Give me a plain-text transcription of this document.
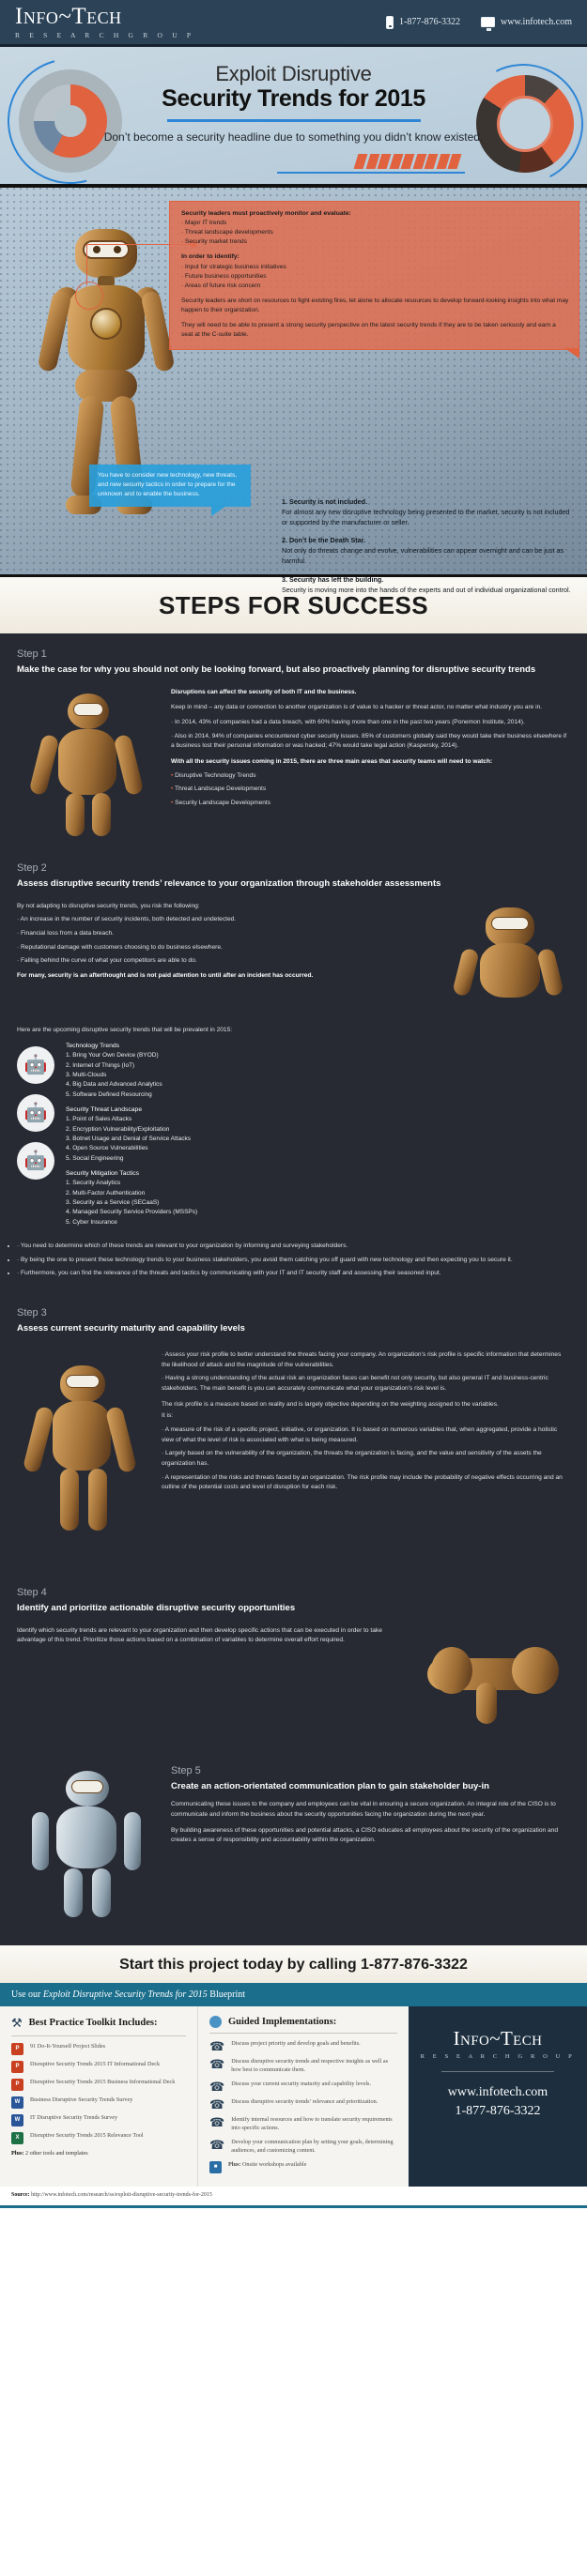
Info~Tech
R E S E A R C H G R O U P
1-877-876-3322	www.infotech.com
Exploit Disruptive
Security Trends for 2015
Don’t become a security headline due to something you didn’t know existed.
Security leaders must proactively monitor and evaluate:
· Major IT trends
· Threat landscape developments
· Security market trends
In order to identify:
· Input for strategic business initiatives
· Future business opportunities
· Areas of future risk concern
Security leaders are short on resources to fight existing fires, let alone to allocate resources to develop forward-looking insights into what may happen to their organization.
They will need to be able to present a strong security perspective on the latest security trends if they are to be taken seriously and earn a seat at the C-suite table.
You have to consider new technology, new threats, and new security tactics in order to prepare for the unknown and to enable the business.
1. Security is not included.
For almost any new disruptive technology being presented to the market, security is not included or supported by the manufacturer or seller.
2. Don’t be the Death Star.
Not only do threats change and evolve, vulnerabilities can appear overnight and can be just as harmful.
3. Security has left the building.
Security is moving more into the hands of the experts and out of individual organizational control.
STEPS FOR SUCCESS
Step 1
Make the case for why you should not only be looking forward, but also proactively planning for disruptive security trends

Disruptions can affect the security of both IT and the business.

Keep in mind – any data or connection to another organization is of value to a hacker or threat actor, no matter what industry you are in.

· In 2014, 43% of companies had a data breach, with 60% having more than one in the past two years (Ponemon Institute, 2014).
· Also in 2014, 94% of companies encountered cyber security issues. 85% of customers globally said they would take their business elsewhere if a business lost their personal information or was hacked; 47% would take legal action (Kaspersky, 2014).

With all the security issues coming in 2015, there are three main areas that security teams will need to watch:

• Disruptive Technology Trends
• Threat Landscape Developments
• Security Landscape Developments
Step 2
Assess disruptive security trends’ relevance to your organization through stakeholder assessments

By not adapting to disruptive security trends, you risk the following:

· An increase in the number of security incidents, both detected and undetected.
· Financial loss from a data breach.
· Reputational damage with customers choosing to do business elsewhere.
· Falling behind the curve of what your competitors are able to do.

For many, security is an afterthought and is not paid attention to until after an incident has occurred.

Here are the upcoming disruptive security trends that will be prevalent in 2015:
🤖
🤖
🤖
Technology Trends
1. Bring Your Own Device (BYOD)
2. Internet of Things (IoT)
3. Multi-Clouds
4. Big Data and Advanced Analytics
5. Software Defined Resourcing
Security Threat Landscape
1. Point of Sales Attacks
2. Encryption Vulnerability/Exploitation
3. Botnet Usage and Denial of Service Attacks
4. Open Source Vulnerabilities
5. Social Engineering
Security Mitigation Tactics
1. Security Analytics
2. Multi-Factor Authentication
3. Security as a Service (SECaaS)
4. Managed Security Service Providers (MSSPs)
5. Cyber Insurance
· • You need to determine which of these trends are relevant to your organization by informing and surveying stakeholders.
· • By being the one to present these technology trends to your business stakeholders, you avoid them catching you off guard with new technology and then expecting you to secure it.
· • Furthermore, you can find the relevance of the threats and tactics by communicating with your IT and IT security staff and assessing their seasoned input.
Step 3
Assess current security maturity and capability levels
· Assess your risk profile to better understand the threats facing your company. An organization’s risk profile is specific information that determines the likelihood of attack and the magnitude of the vulnerabilities.
· Having a strong understanding of the actual risk an organization faces can benefit not only security, but also general IT and business-centric stakeholders. The main benefit is you can accurately communicate what your organization’s risk level is.

The risk profile is a measure based on reality and is largely objective depending on the weighting assigned to the variables.

It is:

· A measure of the risk of a specific project, initiative, or organization. It is based on numerous variables that, when aggregated, provide a holistic view of what the level of risk is associated with what is being measured.
· Largely based on the vulnerability of the organization, the threats the organization is facing, and the value and sensitivity of the assets the organization has.
· A representation of the risks and threats faced by an organization. The risk profile may include the probability of negative effects occurring and an outline of the potential costs and level of disruption for each risk.
Step 4
Identify and prioritize actionable disruptive security opportunities

Identify which security trends are relevant to your organization and then develop specific actions that can be executed in order to take advantage of this trend. Prioritize those actions based on a combination of variables to determine overall effort required.

Step 5
Create an action-orientated communication plan to gain stakeholder buy-in

Communicating these issues to the company and employees can be vital in ensuring a secure organization. An integral role of the CISO is to communicate and inform the business about the security opportunities facing the organization during the next year.

By building awareness of these opportunities and potential attacks, a CISO educates all employees about the security of the organization and creates a sense of responsibility and accountability within the organization.

Start this project today by calling 1-877-876-3322
Use our Exploit Disruptive Security Trends for 2015 Blueprint
⚒ Best Practice Toolkit Includes:
P	91 Do-It-Yourself Project Slides
P	Disruptive Security Trends 2015 IT Informational Deck
P	Disruptive Security Trends 2015 Business Informational Deck
W	Business Disruptive Security Trends Survey
W	IT Disruptive Security Trends Survey
X	Disruptive Security Trends 2015 Relevance Tool
Plus: 2 other tools and templates
Guided Implementations:
☎ Discuss project priority and develop goals and benefits.
☎ Discuss disruptive security trends and respective insights as well as how best to communicate them.
☎ Discuss your current security maturity and capability levels.
☎ Discuss disruptive security trends’ relevance and prioritization.
☎ Identify internal resources and how to translate security requirements into specific actions.
☎ Develop your communication plan by setting your goals, determining audiences, and customizing content.
■	Plus: Onsite workshops available
Info~Tech
R E S E A R C H G R O U P
www.infotech.com
1-877-876-3322
Source: http://www.infotech.com/research/ss/exploit-disruptive-security-trends-for-2015
